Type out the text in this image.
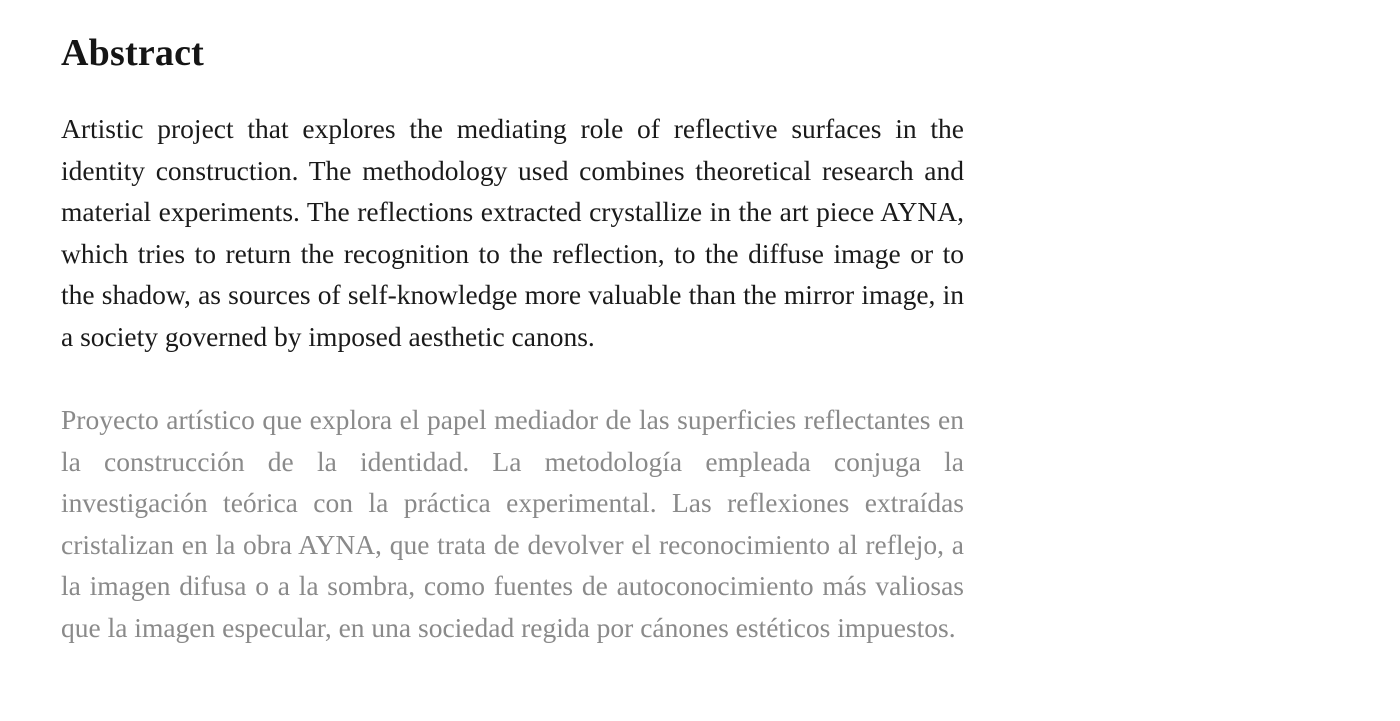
Abstract

Artistic project that explores the mediating role of reflective surfaces in the identity construction. The methodology used combines theoretical research and material experiments. The reflections extracted crystallize in the art piece AYNA, which tries to return the recognition to the reflection, to the diffuse image or to the shadow, as sources of self-knowledge more valuable than the mirror image, in a society governed by imposed aesthetic canons.

Proyecto artístico que explora el papel mediador de las superficies reflectantes en la construcción de la identidad. La metodología empleada conjuga la investigación teórica con la práctica experimental. Las reflexiones extraídas cristalizan en la obra AYNA, que trata de devolver el reconocimiento al reflejo, a la imagen difusa o a la sombra, como fuentes de autoconocimiento más valiosas que la imagen especular, en una sociedad regida por cánones estéticos impuestos.
